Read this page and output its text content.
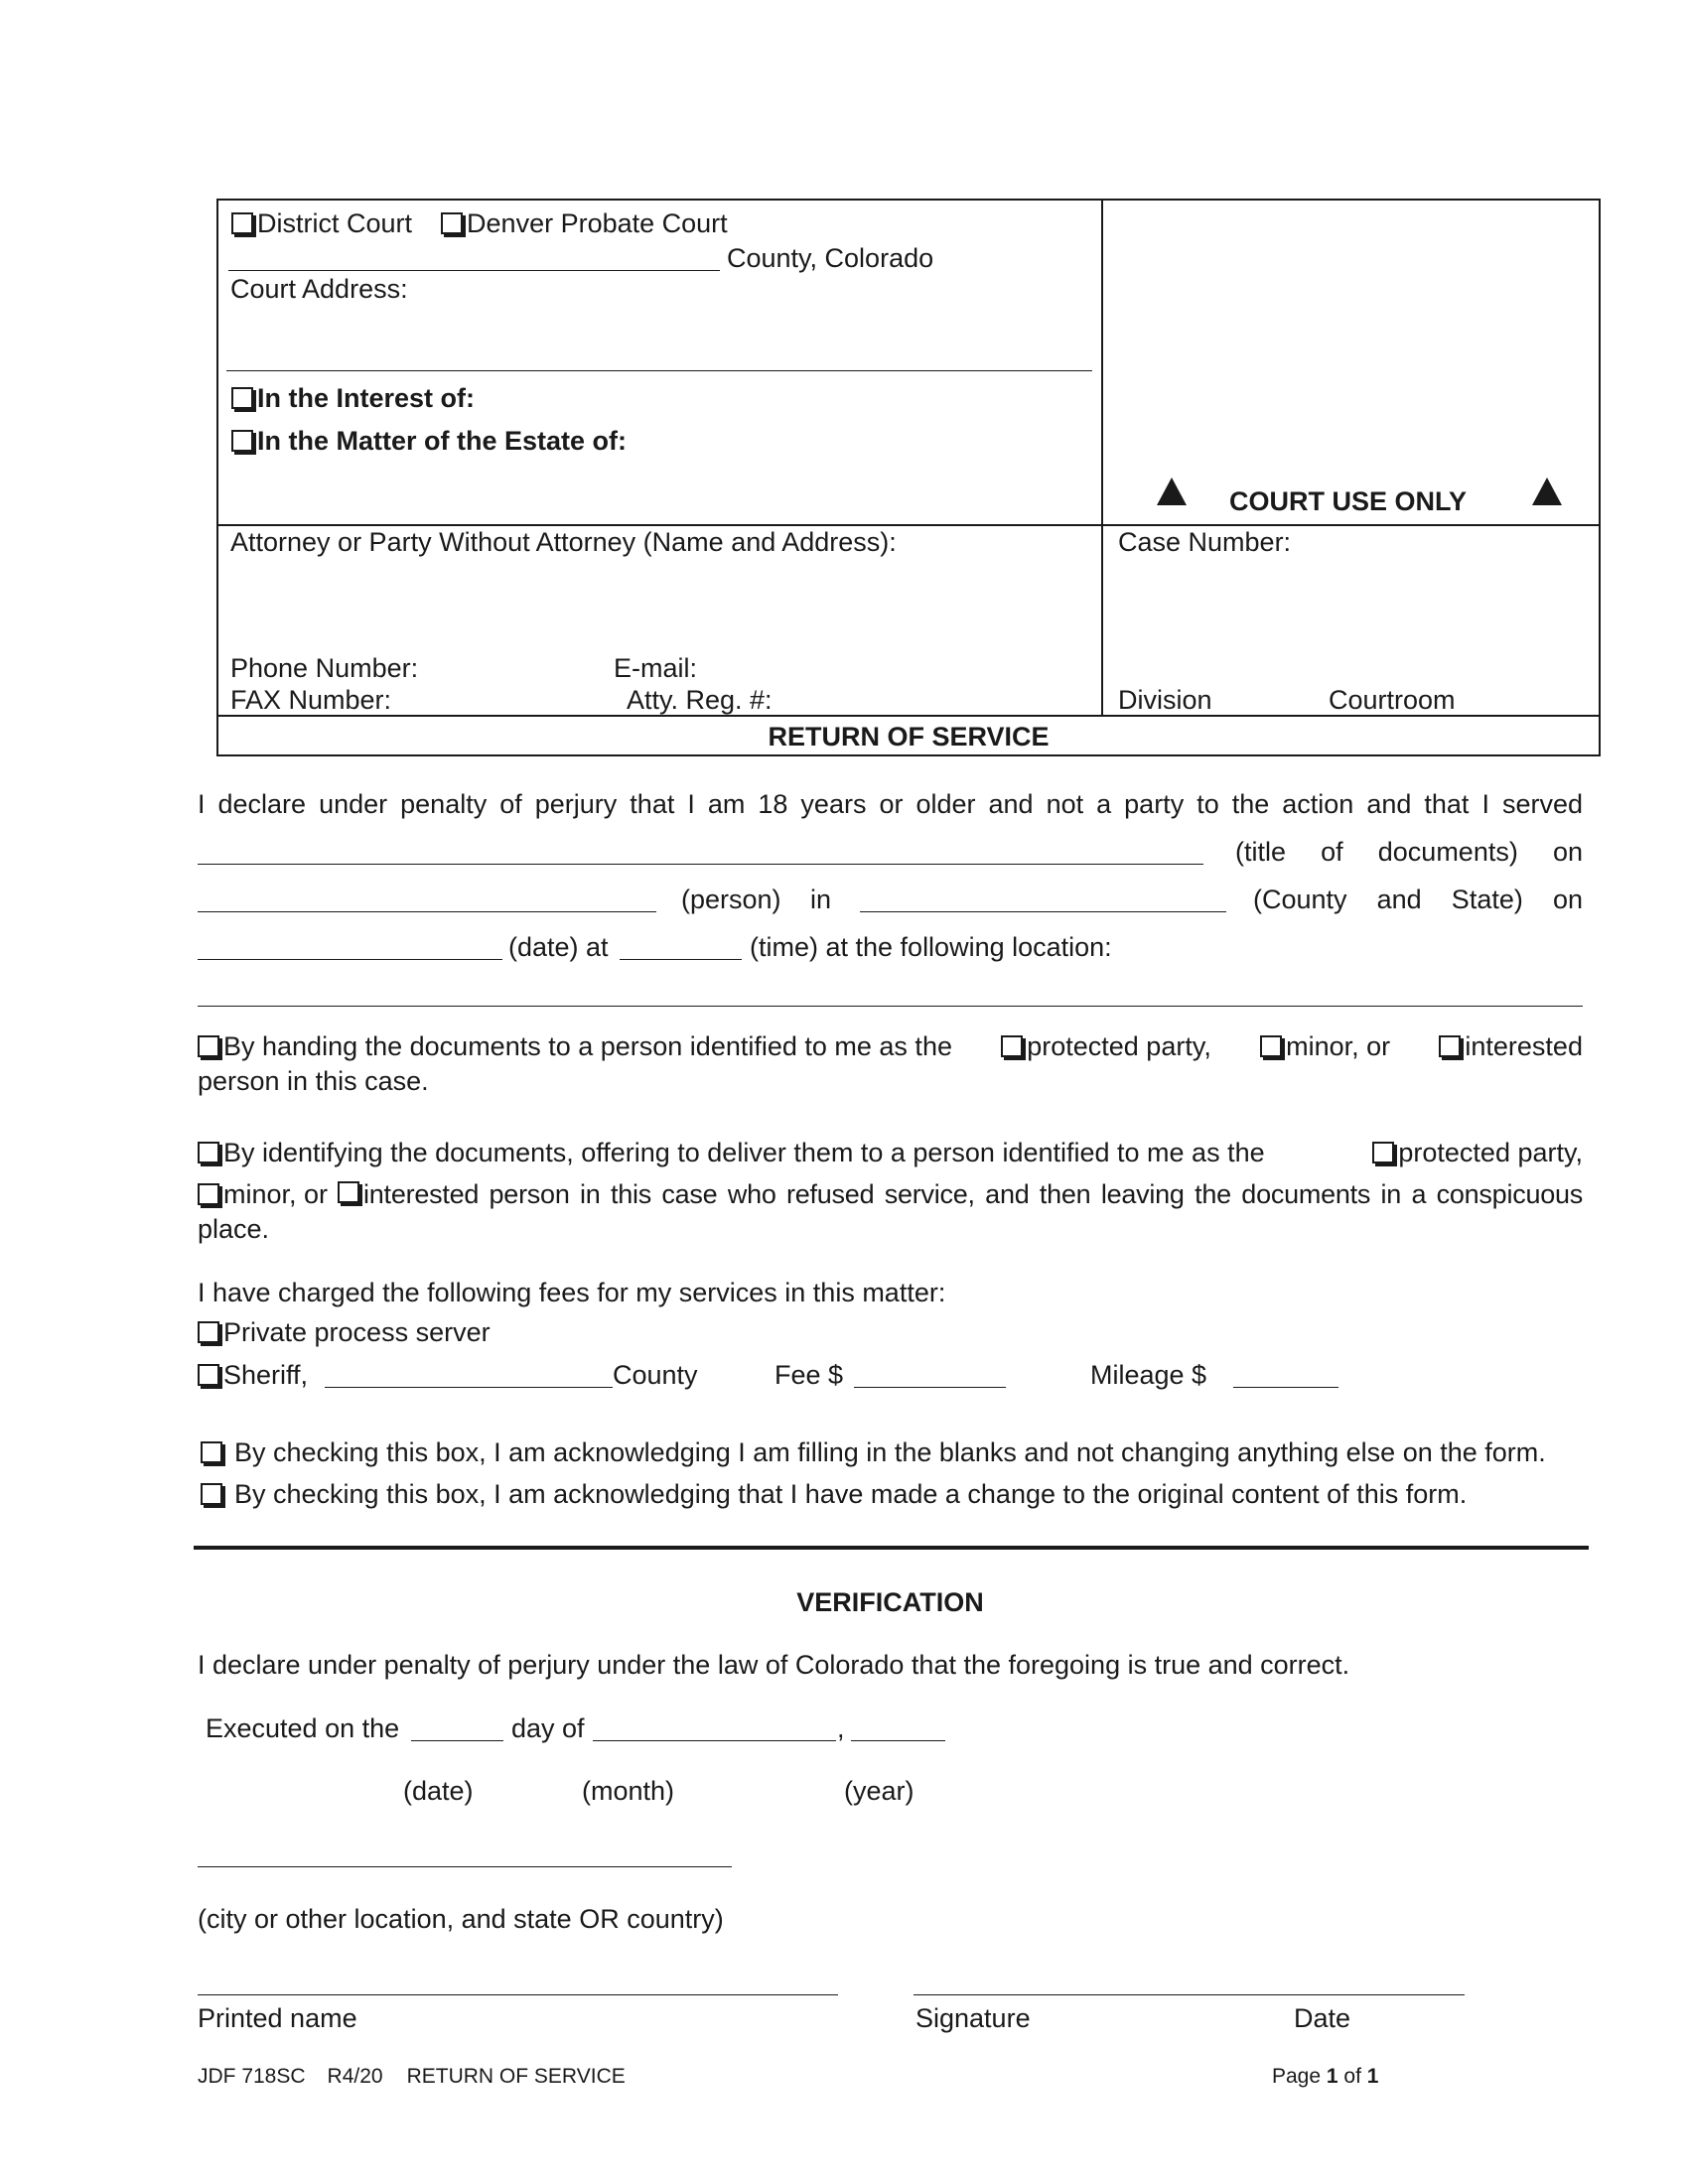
District Court Denver Probate Court
County, Colorado
Court Address:
In the Interest of:
In the Matter of the Estate of:
COURT USE ONLY
Attorney or Party Without Attorney (Name and Address):
Phone Number:	E-mail:
FAX Number:	Atty. Reg. #:
Case Number:
Division	Courtroom
RETURN OF SERVICE
I declare under penalty of perjury that I am 18 years or older and not a party to the action and that I served
(title of documents) on
(person) in	(County and State) on
(date) at	(time) at the following location:
By handing the documents to a person identified to me as the	protected party,	minor, or	interested
person in this case.
By identifying the documents, offering to deliver them to a person identified to me as the	protected party,
minor, or interested person in this case who refused service, and then leaving the documents in a conspicuous
place.
I have charged the following fees for my services in this matter:
Private process server
Sheriff,	County	Fee $	Mileage $
By checking this box, I am acknowledging I am filling in the blanks and not changing anything else on the form.
By checking this box, I am acknowledging that I have made a change to the original content of this form.
VERIFICATION
I declare under penalty of perjury under the law of Colorado that the foregoing is true and correct.
Executed on the	day of	,
(date)	(month)	(year)
(city or other location, and state OR country)
Printed name	Signature	Date
JDF 718SC R4/20 RETURN OF SERVICE	Page 1 of 1
